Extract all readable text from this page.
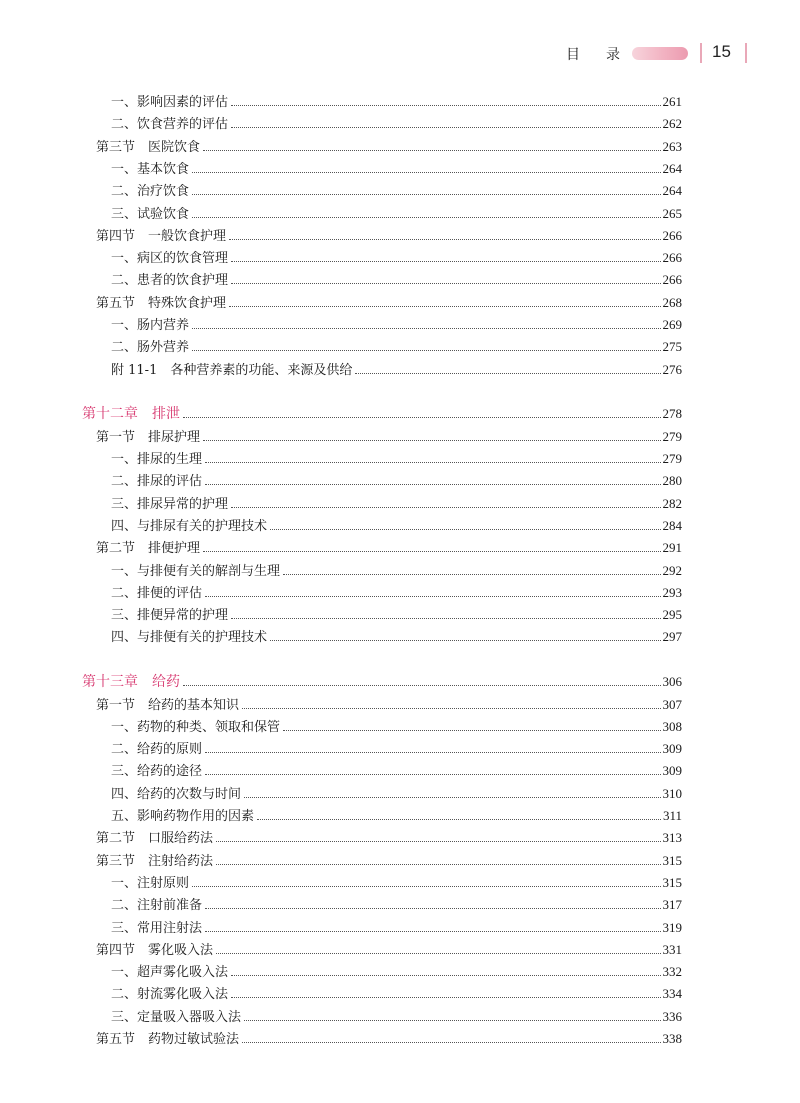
目 录	15
一、影响因素的评估	261
二、饮食营养的评估	262
第三节　医院饮食	263
一、基本饮食	264
二、治疗饮食	264
三、试验饮食	265
第四节　一般饮食护理	266
一、病区的饮食管理	266
二、患者的饮食护理	266
第五节　特殊饮食护理	268
一、肠内营养	269
二、肠外营养	275
附 11-1　各种营养素的功能、来源及供给	276
第十二章　排泄	278
第一节　排尿护理	279
一、排尿的生理	279
二、排尿的评估	280
三、排尿异常的护理	282
四、与排尿有关的护理技术	284
第二节　排便护理	291
一、与排便有关的解剖与生理	292
二、排便的评估	293
三、排便异常的护理	295
四、与排便有关的护理技术	297
第十三章　给药	306
第一节　给药的基本知识	307
一、药物的种类、领取和保管	308
二、给药的原则	309
三、给药的途径	309
四、给药的次数与时间	310
五、影响药物作用的因素	311
第二节　口服给药法	313
第三节　注射给药法	315
一、注射原则	315
二、注射前准备	317
三、常用注射法	319
第四节　雾化吸入法	331
一、超声雾化吸入法	332
二、射流雾化吸入法	334
三、定量吸入器吸入法	336
第五节　药物过敏试验法	338
